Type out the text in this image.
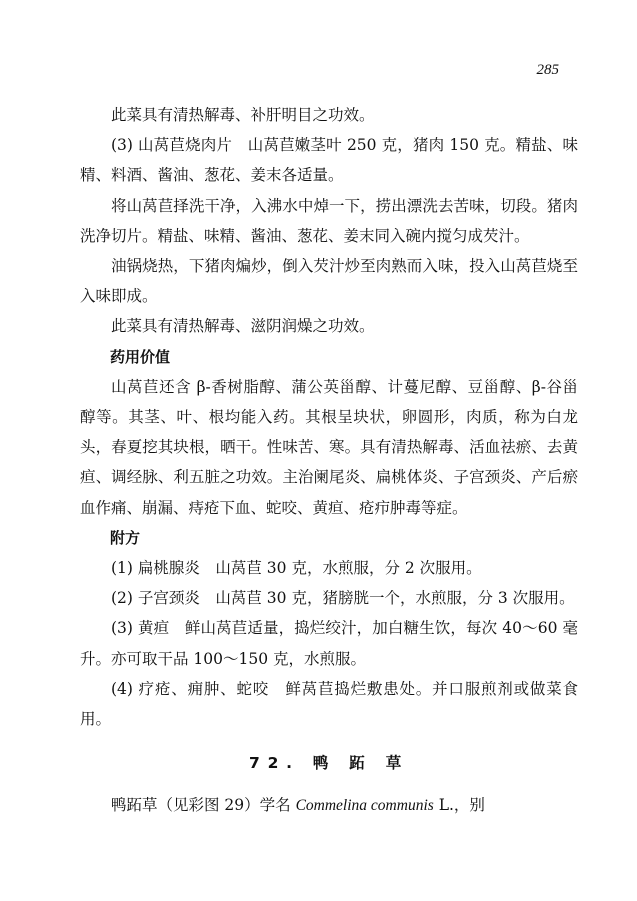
285

此菜具有清热解毒、补肝明目之功效。

(3) 山莴苣烧肉片　山莴苣嫩茎叶 250 克，猪肉 150 克。精盐、味精、料酒、酱油、葱花、姜末各适量。

将山莴苣择洗干净，入沸水中焯一下，捞出漂洗去苦味，切段。猪肉洗净切片。精盐、味精、酱油、葱花、姜末同入碗内搅匀成芡汁。

油锅烧热，下猪肉煸炒，倒入芡汁炒至肉熟而入味，投入山莴苣烧至入味即成。

此菜具有清热解毒、滋阴润燥之功效。

药用价值

山莴苣还含 β-香树脂醇、蒲公英甾醇、计蔓尼醇、豆甾醇、β-谷甾醇等。其茎、叶、根均能入药。其根呈块状，卵圆形，肉质，称为白龙头，春夏挖其块根，晒干。性味苦、寒。具有清热解毒、活血祛瘀、去黄疸、调经脉、利五脏之功效。主治阑尾炎、扁桃体炎、子宫颈炎、产后瘀血作痛、崩漏、痔疮下血、蛇咬、黄疸、疮疖肿毒等症。

附方

(1) 扁桃腺炎　山莴苣 30 克，水煎服，分 2 次服用。

(2) 子宫颈炎　山莴苣 30 克，猪膀胱一个，水煎服，分 3 次服用。

(3) 黄疸　鲜山莴苣适量，捣烂绞汁，加白糖生饮，每次 40～60 毫升。亦可取干品 100～150 克，水煎服。

(4) 疗疮、痈肿、蛇咬　鲜莴苣捣烂敷患处。并口服煎剂或做菜食用。

72. 鸭 跖 草

鸭跖草（见彩图 29）学名 Commelina communis L.，别
